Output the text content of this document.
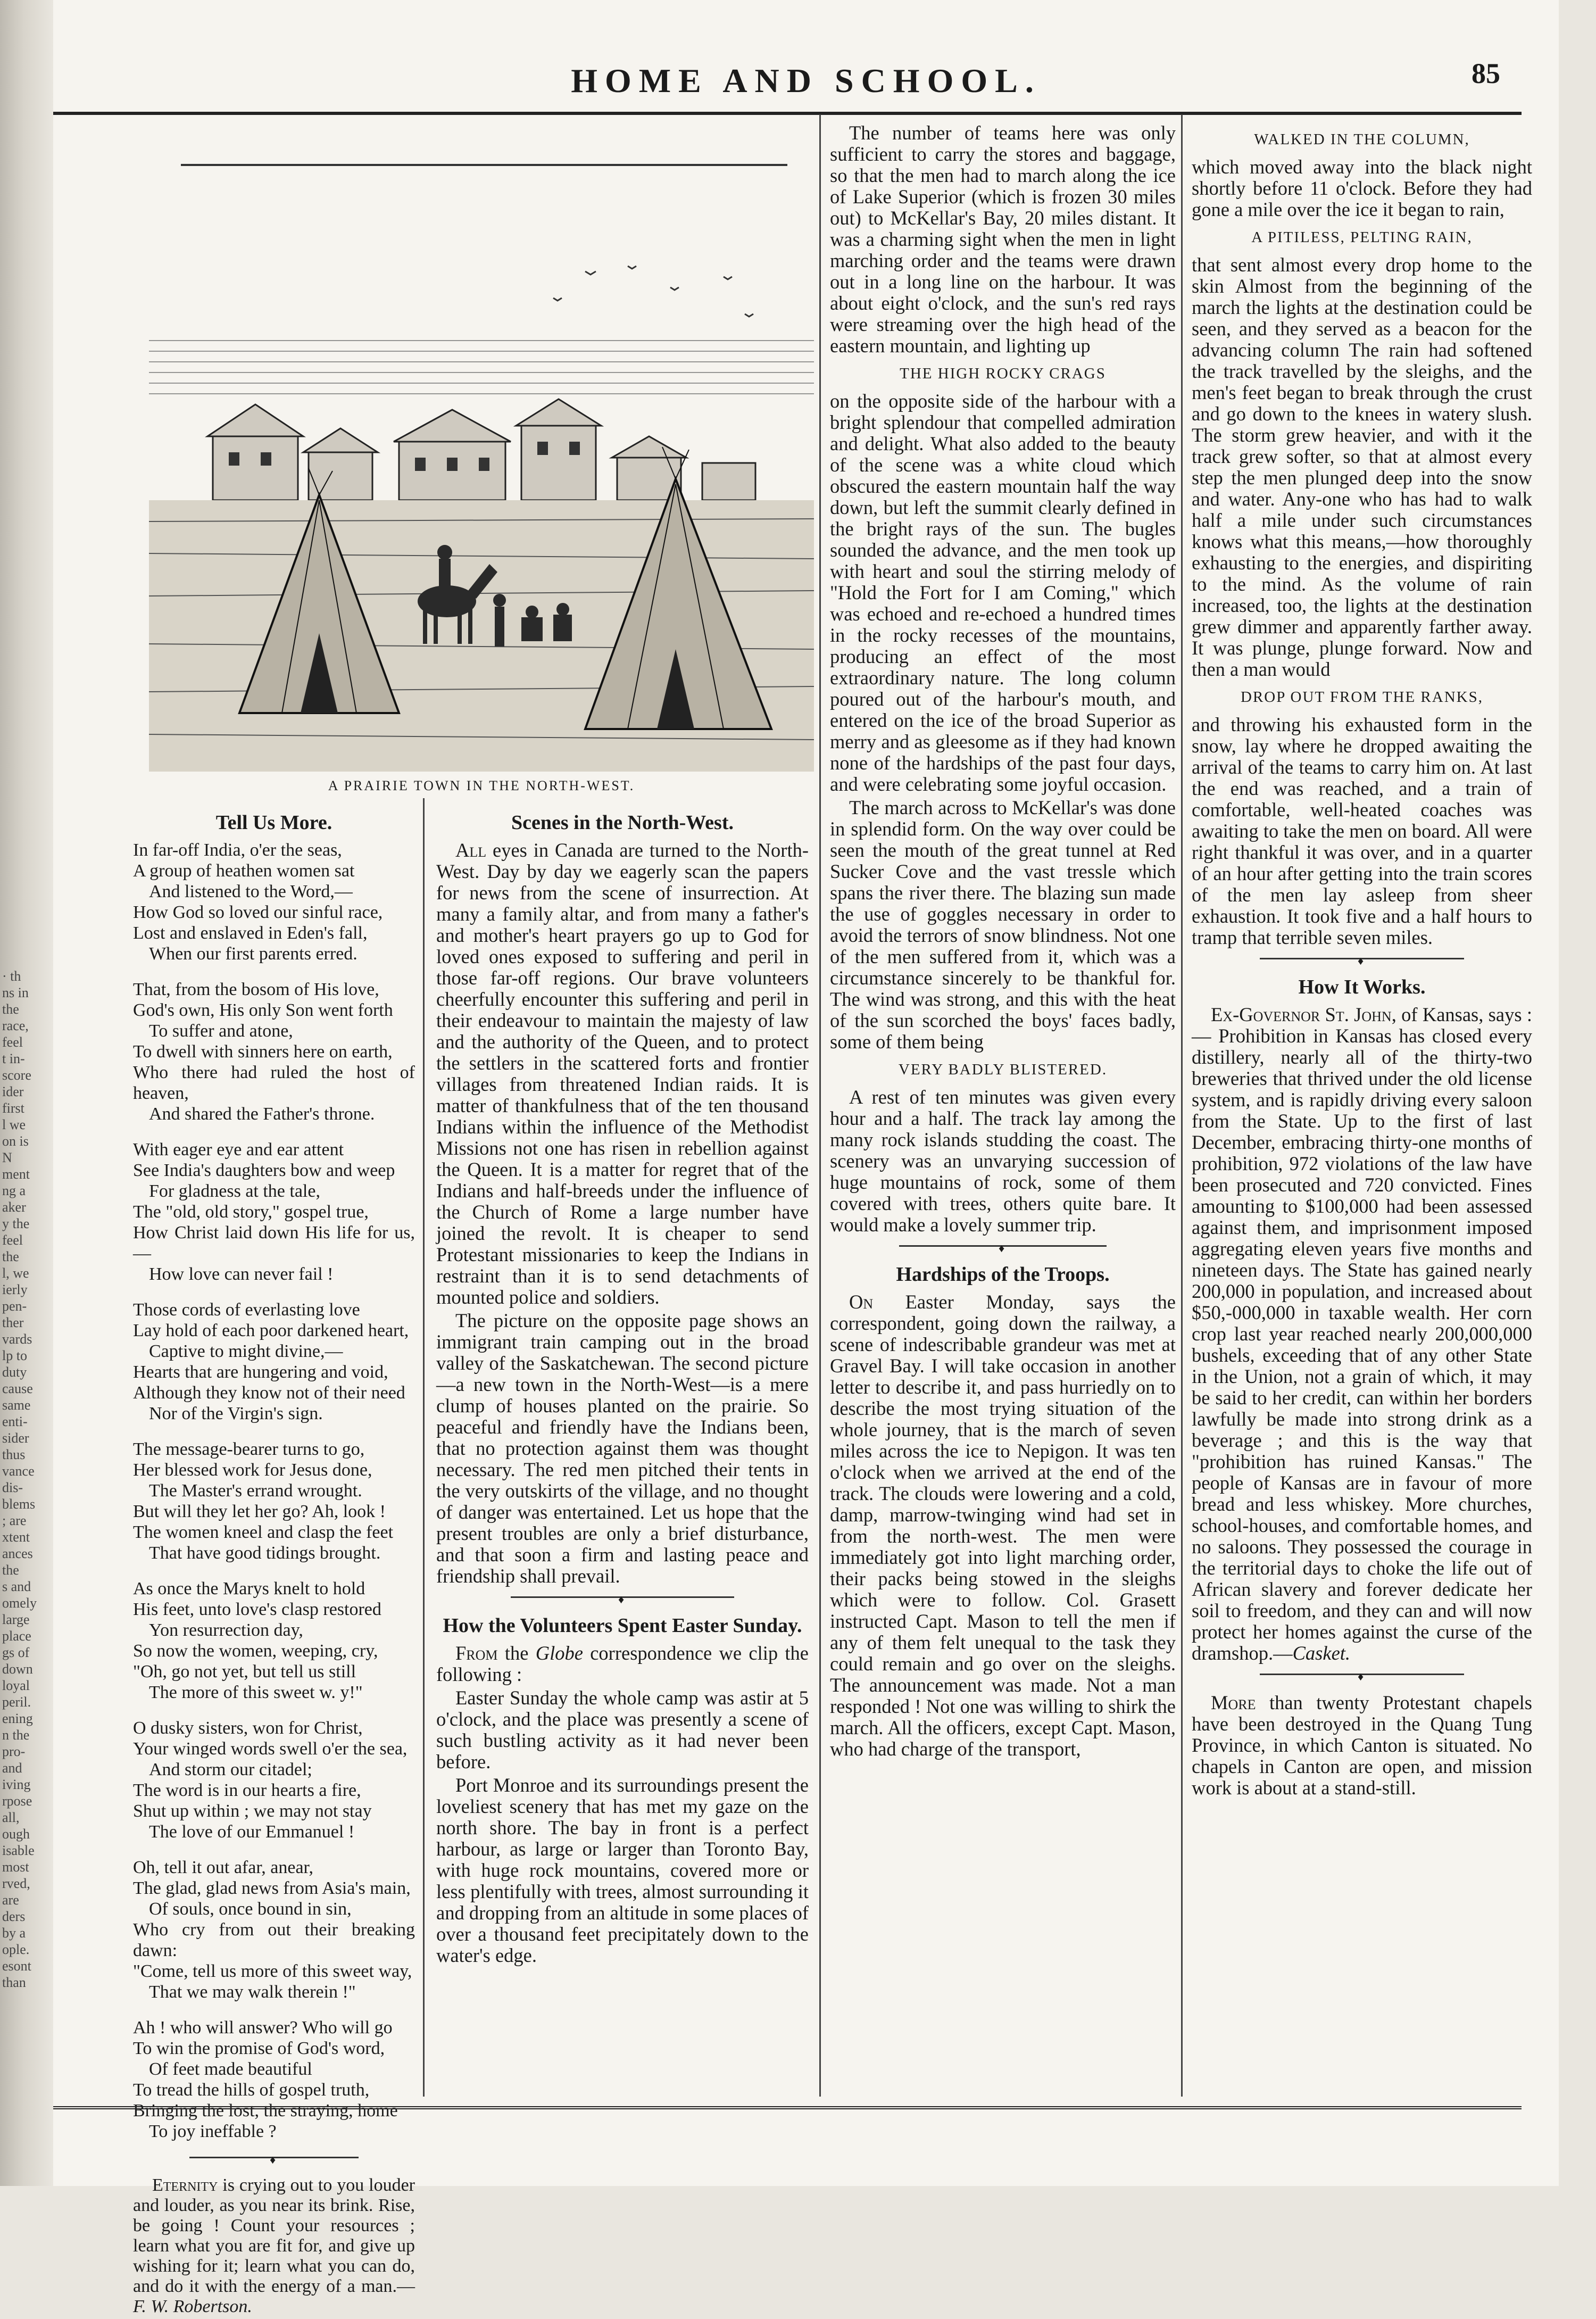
· th
ns in
the
race,
feel
t in-
score
ider
first
l we
on is
N
ment
ng a
aker
y the
feel
the
l, we
ierly
pen-
ther
vards
lp to
duty
cause
same
enti-
sider
thus
vance
dis-
blems
; are
xtent
ances
the
s and
omely
large
place
gs of
down
loyal
peril.
ening
n the
pro-
and
iving
rpose
all,
ough
isable
most
rved,
are
ders
by a
ople.
esont
than
HOME AND SCHOOL.	85
A PRAIRIE TOWN IN THE NORTH-WEST.
Tell Us More.
In far-off India, o'er the seas,
A group of heathen women sat
And listened to the Word,—
How God so loved our sinful race,
Lost and enslaved in Eden's fall,
When our first parents erred.
That, from the bosom of His love,
God's own, His only Son went forth
To suffer and atone,
To dwell with sinners here on earth,
Who there had ruled the host of heaven,
And shared the Father's throne.
With eager eye and ear attent
See India's daughters bow and weep
For gladness at the tale,
The "old, old story," gospel true,
How Christ laid down His life for us,—
How love can never fail !
Those cords of everlasting love
Lay hold of each poor darkened heart,
Captive to might divine,—
Hearts that are hungering and void,
Although they know not of their need
Nor of the Virgin's sign.
The message-bearer turns to go,
Her blessed work for Jesus done,
The Master's errand wrought.
But will they let her go? Ah, look !
The women kneel and clasp the feet
That have good tidings brought.
As once the Marys knelt to hold
His feet, unto love's clasp restored
Yon resurrection day,
So now the women, weeping, cry,
"Oh, go not yet, but tell us still
The more of this sweet w. y!"
O dusky sisters, won for Christ,
Your winged words swell o'er the sea,
And storm our citadel;
The word is in our hearts a fire,
Shut up within ; we may not stay
The love of our Emmanuel !
Oh, tell it out afar, anear,
The glad, glad news from Asia's main,
Of souls, once bound in sin,
Who cry from out their breaking dawn:
"Come, tell us more of this sweet way,
That we may walk therein !"
Ah ! who will answer? Who will go
To win the promise of God's word,
Of feet made beautiful
To tread the hills of gospel truth,
Bringing the lost, the straying, home
To joy ineffable ?
♦

Eternity is crying out to you louder and louder, as you near its brink. Rise, be going ! Count your resources ; learn what you are fit for, and give up wishing for it; learn what you can do, and do it with the energy of a man.—F. W. Robertson.

Scenes in the North-West.

All eyes in Canada are turned to the North-West. Day by day we eagerly scan the papers for news from the scene of insurrection. At many a family altar, and from many a father's and mother's heart prayers go up to God for loved ones exposed to suffering and peril in those far-off regions. Our brave volunteers cheerfully encounter this suffering and peril in their endeavour to maintain the majesty of law and the authority of the Queen, and to protect the settlers in the scattered forts and frontier villages from threatened Indian raids. It is matter of thankfulness that of the ten thousand Indians within the influence of the Methodist Missions not one has risen in rebellion against the Queen. It is a matter for regret that of the Indians and half-breeds under the influence of the Church of Rome a large number have joined the revolt. It is cheaper to send Protestant missionaries to keep the Indians in restraint than it is to send detachments of mounted police and soldiers.

The picture on the opposite page shows an immigrant train camping out in the broad valley of the Saskatchewan. The second picture—a new town in the North-West—is a mere clump of houses planted on the prairie. So peaceful and friendly have the Indians been, that no protection against them was thought necessary. The red men pitched their tents in the very outskirts of the village, and no thought of danger was entertained. Let us hope that the present troubles are only a brief disturbance, and that soon a firm and lasting peace and friendship shall prevail.

♦
How the Volunteers Spent Easter Sunday.

From the Globe correspondence we clip the following :

Easter Sunday the whole camp was astir at 5 o'clock, and the place was presently a scene of such bustling activity as it had never been before.

Port Monroe and its surroundings present the loveliest scenery that has met my gaze on the north shore. The bay in front is a perfect harbour, as large or larger than Toronto Bay, with huge rock mountains, covered more or less plentifully with trees, almost surrounding it and dropping from an altitude in some places of over a thousand feet precipitately down to the water's edge.

The number of teams here was only sufficient to carry the stores and baggage, so that the men had to march along the ice of Lake Superior (which is frozen 30 miles out) to McKellar's Bay, 20 miles distant. It was a charming sight when the men in light marching order and the teams were drawn out in a long line on the harbour. It was about eight o'clock, and the sun's red rays were streaming over the high head of the eastern mountain, and lighting up

THE HIGH ROCKY CRAGS

on the opposite side of the harbour with a bright splendour that compelled admiration and delight. What also added to the beauty of the scene was a white cloud which obscured the eastern mountain half the way down, but left the summit clearly defined in the bright rays of the sun. The bugles sounded the advance, and the men took up with heart and soul the stirring melody of "Hold the Fort for I am Coming," which was echoed and re-echoed a hundred times in the rocky recesses of the mountains, producing an effect of the most extraordinary nature. The long column poured out of the harbour's mouth, and entered on the ice of the broad Superior as merry and as gleesome as if they had known none of the hardships of the past four days, and were celebrating some joyful occasion.

The march across to McKellar's was done in splendid form. On the way over could be seen the mouth of the great tunnel at Red Sucker Cove and the vast tressle which spans the river there. The blazing sun made the use of goggles necessary in order to avoid the terrors of snow blindness. Not one of the men suffered from it, which was a circumstance sincerely to be thankful for. The wind was strong, and this with the heat of the sun scorched the boys' faces badly, some of them being

VERY BADLY BLISTERED.

A rest of ten minutes was given every hour and a half. The track lay among the many rock islands studding the coast. The scenery was an unvarying succession of huge mountains of rock, some of them covered with trees, others quite bare. It would make a lovely summer trip.

♦
Hardships of the Troops.

On Easter Monday, says the correspondent, going down the railway, a scene of indescribable grandeur was met at Gravel Bay. I will take occasion in another letter to describe it, and pass hurriedly on to describe the most trying situation of the whole journey, that is the march of seven miles across the ice to Nepigon. It was ten o'clock when we arrived at the end of the track. The clouds were lowering and a cold, damp, marrow-twinging wind had set in from the north-west. The men were immediately got into light marching order, their packs being stowed in the sleighs which were to follow. Col. Grasett instructed Capt. Mason to tell the men if any of them felt unequal to the task they could remain and go over on the sleighs. The announcement was made. Not a man responded ! Not one was willing to shirk the march. All the officers, except Capt. Mason, who had charge of the transport,

WALKED IN THE COLUMN,

which moved away into the black night shortly before 11 o'clock. Before they had gone a mile over the ice it began to rain,

A PITILESS, PELTING RAIN,

that sent almost every drop home to the skin Almost from the beginning of the march the lights at the destination could be seen, and they served as a beacon for the advancing column The rain had softened the track travelled by the sleighs, and the men's feet began to break through the crust and go down to the knees in watery slush. The storm grew heavier, and with it the track grew softer, so that at almost every step the men plunged deep into the snow and water. Any-one who has had to walk half a mile under such circumstances knows what this means,—how thoroughly exhausting to the energies, and dispiriting to the mind. As the volume of rain increased, too, the lights at the destination grew dimmer and apparently farther away. It was plunge, plunge forward. Now and then a man would

DROP OUT FROM THE RANKS,

and throwing his exhausted form in the snow, lay where he dropped awaiting the arrival of the teams to carry him on. At last the end was reached, and a train of comfortable, well-heated coaches was awaiting to take the men on board. All were right thankful it was over, and in a quarter of an hour after getting into the train scores of the men lay asleep from sheer exhaustion. It took five and a half hours to tramp that terrible seven miles.

♦
How It Works.

Ex-Governor St. John, of Kansas, says :— Prohibition in Kansas has closed every distillery, nearly all of the thirty-two breweries that thrived under the old license system, and is rapidly driving every saloon from the State. Up to the first of last December, embracing thirty-one months of prohibition, 972 violations of the law have been prosecuted and 720 convicted. Fines amounting to $100,000 had been assessed against them, and imprisonment imposed aggregating eleven years five months and nineteen days. The State has gained nearly 200,000 in population, and increased about $50,-000,000 in taxable wealth. Her corn crop last year reached nearly 200,000,000 bushels, exceeding that of any other State in the Union, not a grain of which, it may be said to her credit, can within her borders lawfully be made into strong drink as a beverage ; and this is the way that "prohibition has ruined Kansas." The people of Kansas are in favour of more bread and less whiskey. More churches, school-houses, and comfortable homes, and no saloons. They possessed the courage in the territorial days to choke the life out of African slavery and forever dedicate her soil to freedom, and they can and will now protect her homes against the curse of the dramshop.—Casket.

♦

More than twenty Protestant chapels have been destroyed in the Quang Tung Province, in which Canton is situated. No chapels in Canton are open, and mission work is about at a stand-still.
